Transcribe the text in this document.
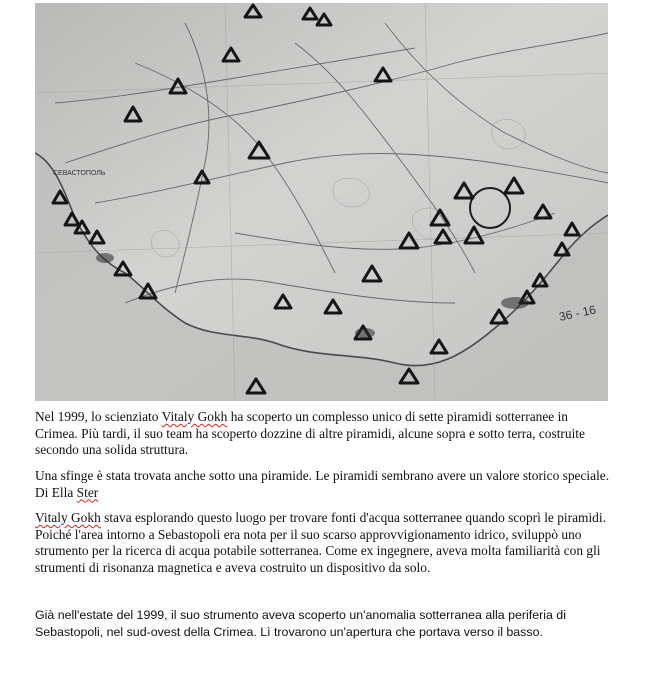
СЕВАСТОПОЛЬ
36 - 16
Nel 1999, lo scienziato Vitaly Gokh ha scoperto un complesso unico di sette piramidi sotterranee in Crimea. Più tardi, il suo team ha scoperto dozzine di altre piramidi, alcune sopra e sotto terra, costruite secondo una solida struttura.
Una sfinge è stata trovata anche sotto una piramide. Le piramidi sembrano avere un valore storico speciale. Di Ella Ster
Vitaly Gokh stava esplorando questo luogo per trovare fonti d'acqua sotterranee quando scoprì le piramidi. Poiché l'area intorno a Sebastopoli era nota per il suo scarso approvvigionamento idrico, sviluppò uno strumento per la ricerca di acqua potabile sotterranea. Come ex ingegnere, aveva molta familiarità con gli strumenti di risonanza magnetica e aveva costruito un dispositivo da solo.
Già nell'estate del 1999, il suo strumento aveva scoperto un'anomalia sotterranea alla periferia di Sebastopoli, nel sud-ovest della Crimea. Lì trovarono un'apertura che portava verso il basso.
